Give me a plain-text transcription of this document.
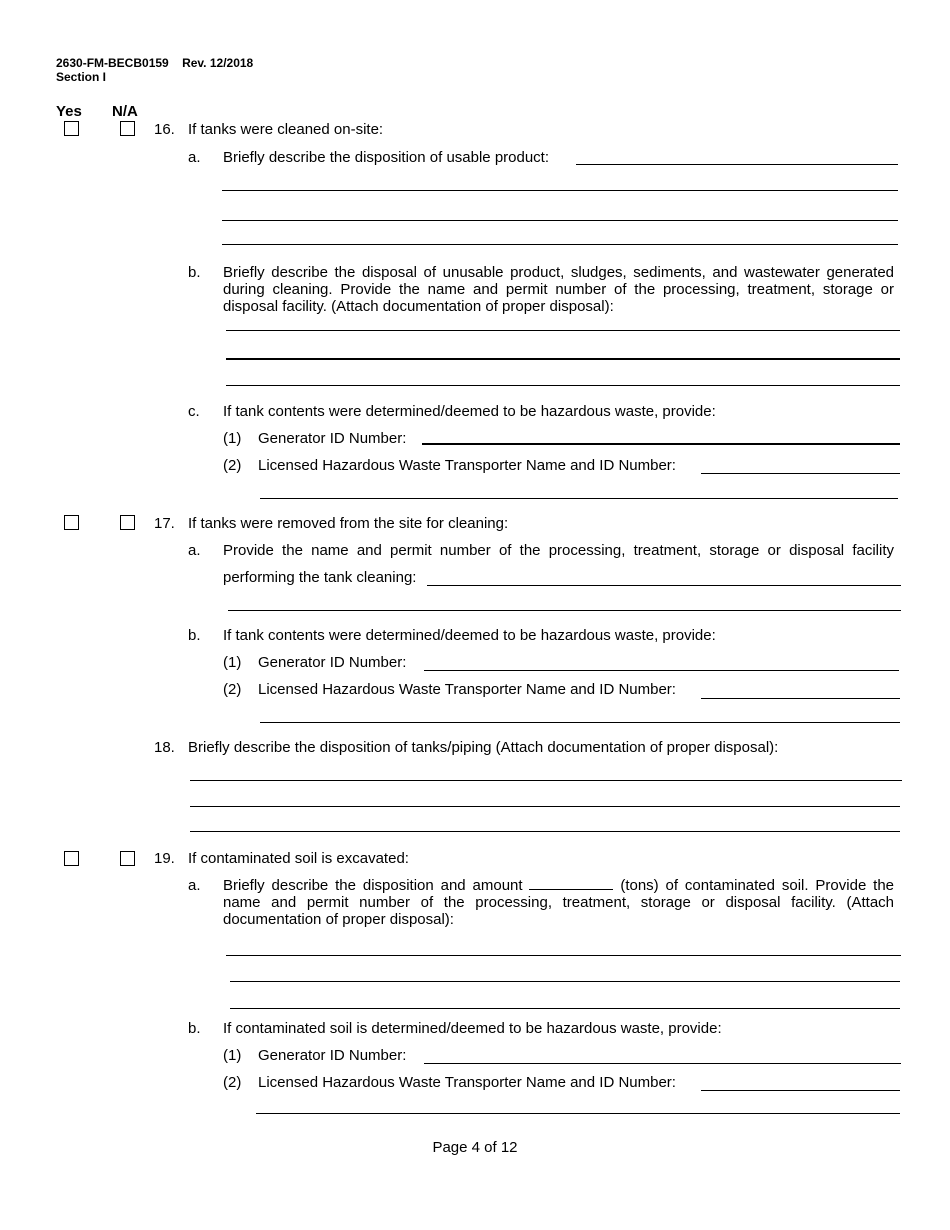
2630-FM-BECB0159 Rev. 12/2018
Section I
Yes N/A
16. If tanks were cleaned on-site:
a. Briefly describe the disposition of usable product:
b. Briefly describe the disposal of unusable product, sludges, sediments, and wastewater generated during cleaning. Provide the name and permit number of the processing, treatment, storage or disposal facility. (Attach documentation of proper disposal):
c. If tank contents were determined/deemed to be hazardous waste, provide:
(1) Generator ID Number:
(2) Licensed Hazardous Waste Transporter Name and ID Number:
17. If tanks were removed from the site for cleaning:
a. Provide the name and permit number of the processing, treatment, storage or disposal facility
performing the tank cleaning:
b. If tank contents were determined/deemed to be hazardous waste, provide:
(1) Generator ID Number:
(2) Licensed Hazardous Waste Transporter Name and ID Number:
18. Briefly describe the disposition of tanks/piping (Attach documentation of proper disposal):
19. If contaminated soil is excavated:
a. Briefly describe the disposition and amount	(tons) of contaminated soil. Provide the name and permit number of the processing, treatment, storage or disposal facility. (Attach documentation of proper disposal):
b. If contaminated soil is determined/deemed to be hazardous waste, provide:
(1) Generator ID Number:
(2) Licensed Hazardous Waste Transporter Name and ID Number:
Page 4 of 12
